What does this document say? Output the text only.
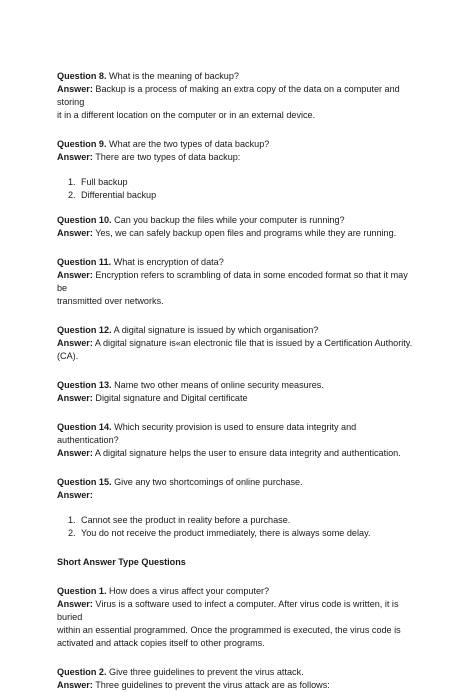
Question 8. What is the meaning of backup?

Answer: Backup is a process of making an extra copy of the data on a computer and storing

it in a different location on the computer or in an external device.

Question 9. What are the two types of data backup?

Answer: There are two types of data backup:

1. Full backup
2. Differential backup

Question 10. Can you backup the files while your computer is running?

Answer: Yes, we can safely backup open files and programs while they are running.

Question 11. What is encryption of data?

Answer: Encryption refers to scrambling of data in some encoded format so that it may be

transmitted over networks.

Question 12. A digital signature is issued by which organisation?

Answer: A digital signature is«an electronic file that is issued by a Certification Authority.

(CA).

Question 13. Name two other means of online security measures.

Answer: Digital signature and Digital certificate

Question 14. Which security provision is used to ensure data integrity and authentication?

Answer: A digital signature helps the user to ensure data integrity and authentication.

Question 15. Give any two shortcomings of online purchase.

Answer:

1. Cannot see the product in reality before a purchase.
2. You do not receive the product immediately, there is always some delay.

Short Answer Type Questions

Question 1. How does a virus affect your computer?

Answer: Virus is a software used to infect a computer. After virus code is written, it is buried

within an essential programmed. Once the programmed is executed, the virus code is

activated and attack copies itself to other programs.

Question 2. Give three guidelines to prevent the virus attack.

Answer: Three guidelines to prevent the virus attack are as follows:
